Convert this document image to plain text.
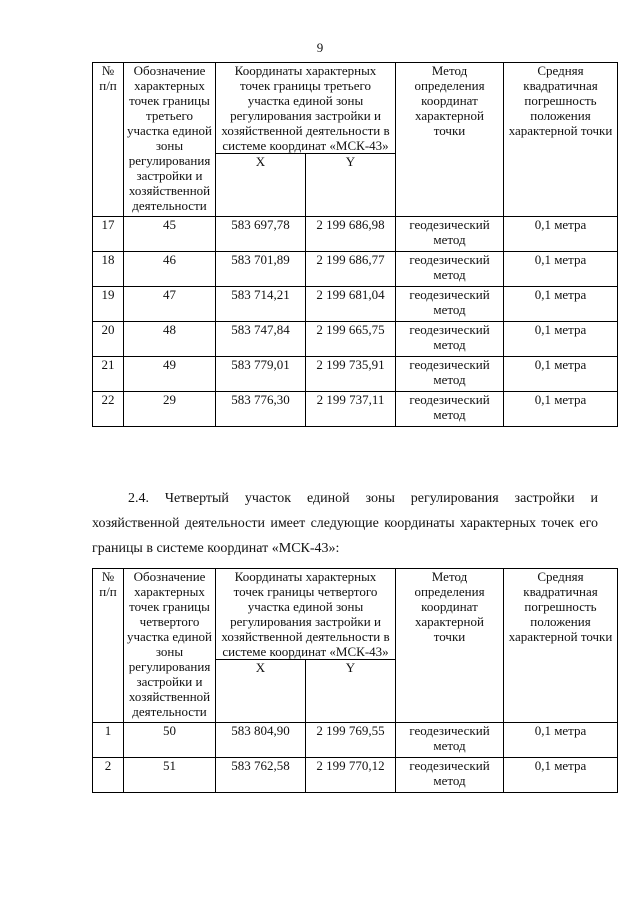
9
№ п/п	Обозначение характерных точек границы третьего участка единой зоны регулирования застройки и хозяйственной деятельности	Координаты характерных точек границы третьего участка единой зоны регулирования застройки и хозяйственной деятельности в системе координат «МСК-43»		Метод определения координат характерной точки	Средняя квадратичная погрешность положения характерной точки
		X	Y		
17	45	583 697,78	2 199 686,98	геодезический метод	0,1 метра
18	46	583 701,89	2 199 686,77	геодезический метод	0,1 метра
19	47	583 714,21	2 199 681,04	геодезический метод	0,1 метра
20	48	583 747,84	2 199 665,75	геодезический метод	0,1 метра
21	49	583 779,01	2 199 735,91	геодезический метод	0,1 метра
22	29	583 776,30	2 199 737,11	геодезический метод	0,1 метра
2.4. Четвертый участок единой зоны регулирования застройки и хозяйственной деятельности имеет следующие координаты характерных точек его границы в системе координат «МСК-43»:
№ п/п	Обозначение характерных точек границы четвертого участка единой зоны регулирования застройки и хозяйственной деятельности	Координаты характерных точек границы четвертого участка единой зоны регулирования застройки и хозяйственной деятельности в системе координат «МСК-43»		Метод определения координат характерной точки	Средняя квадратичная погрешность положения характерной точки
		X	Y		
1	50	583 804,90	2 199 769,55	геодезический метод	0,1 метра
2	51	583 762,58	2 199 770,12	геодезический метод	0,1 метра
